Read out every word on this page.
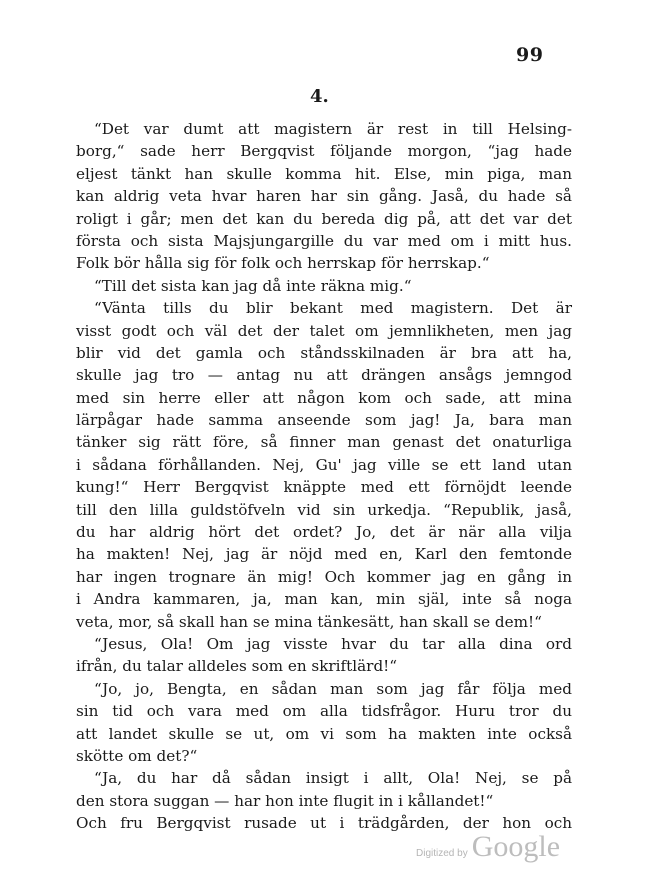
99
4.
“Det var dumt att magistern är rest in till Helsing-
borg,“ sade herr Bergqvist följande morgon, “jag hade
eljest tänkt han skulle komma hit. Else, min piga, man
kan aldrig veta hvar haren har sin gång. Jaså, du hade så
roligt i går; men det kan du bereda dig på, att det var det
första och sista Majsjungargille du var med om i mitt hus.
Folk bör hålla sig för folk och herrskap för herrskap.“
“Till det sista kan jag då inte räkna mig.“
“Vänta tills du blir bekant med magistern. Det är
visst godt och väl det der talet om jemnlikheten, men jag
blir vid det gamla och ståndsskilnaden är bra att ha,
skulle jag tro — antag nu att drängen ansågs jemngod
med sin herre eller att någon kom och sade, att mina
lärpågar hade samma anseende som jag! Ja, bara man
tänker sig rätt före, så finner man genast det onaturliga
i sådana förhållanden. Nej, Gu' jag ville se ett land utan
kung!“ Herr Bergqvist knäppte med ett förnöjdt leende
till den lilla guldstöfveln vid sin urkedja. “Republik, jaså,
du har aldrig hört det ordet? Jo, det är när alla vilja
ha makten! Nej, jag är nöjd med en, Karl den femtonde
har ingen trognare än mig! Och kommer jag en gång in
i Andra kammaren, ja, man kan, min själ, inte så noga
veta, mor, så skall han se mina tänkesätt, han skall se dem!“
“Jesus, Ola! Om jag visste hvar du tar alla dina ord
ifrån, du talar alldeles som en skriftlärd!“
“Jo, jo, Bengta, en sådan man som jag får följa med
sin tid och vara med om alla tidsfrågor. Huru tror du
att landet skulle se ut, om vi som ha makten inte också
skötte om det?“
“Ja, du har då sådan insigt i allt, Ola! Nej, se på
den stora suggan — har hon inte flugit in i kållandet!“
Och fru Bergqvist rusade ut i trädgården, der hon och
Digitized by Google
